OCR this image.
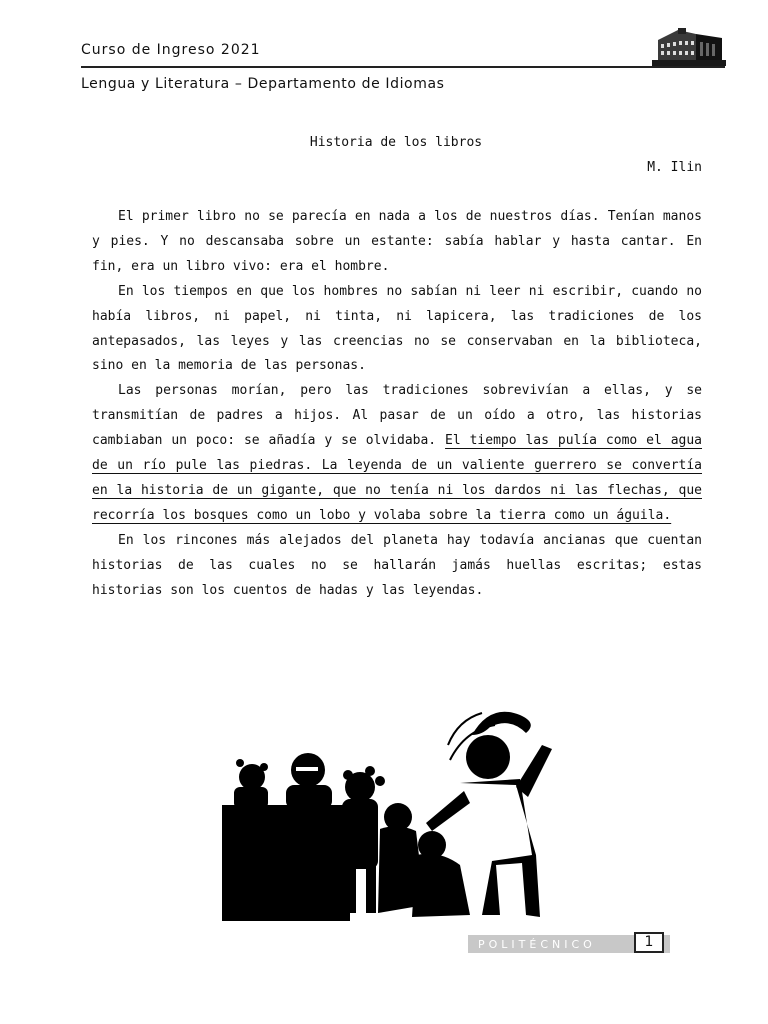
Curso de Ingreso 2021
Lengua y Literatura – Departamento de Idiomas
Historia de los libros
M. Ilin

El primer libro no se parecía en nada a los de nuestros días. Tenían manos y pies. Y no descansaba sobre un estante: sabía hablar y hasta cantar. En fin, era un libro vivo: era el hombre.

En los tiempos en que los hombres no sabían ni leer ni escribir, cuando no había libros, ni papel, ni tinta, ni lapicera, las tradiciones de los antepasados, las leyes y las creencias no se conservaban en la biblioteca, sino en la memoria de las personas.

Las personas morían, pero las tradiciones sobrevivían a ellas, y se transmitían de padres a hijos. Al pasar de un oído a otro, las historias cambiaban un poco: se añadía y se olvidaba. El tiempo las pulía como el agua de un río pule las piedras. La leyenda de un valiente guerrero se convertía en la historia de un gigante, que no tenía ni los dardos ni las flechas, que recorría los bosques como un lobo y volaba sobre la tierra como un águila.

En los rincones más alejados del planeta hay todavía ancianas que cuentan historias de las cuales no se hallarán jamás huellas escritas; estas historias son los cuentos de hadas y las leyendas.

POLITÉCNICO	1
